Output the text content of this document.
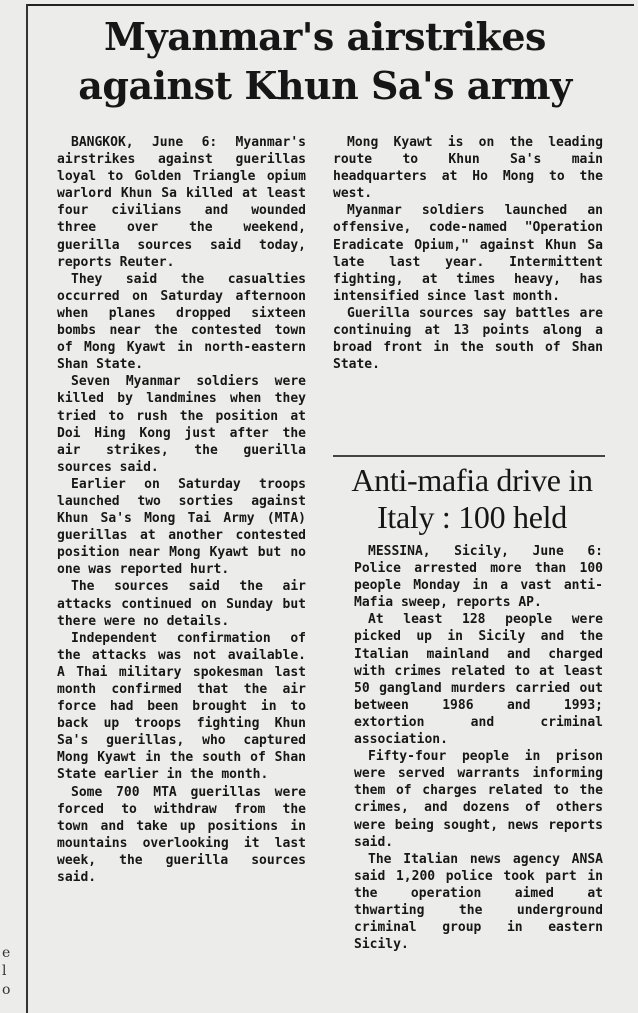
e
l
o
Myanmar's airstrikes against Khun Sa's army

BANGKOK, June 6: Myanmar's airstrikes against guerillas loyal to Golden Triangle opium warlord Khun Sa killed at least four civilians and wounded three over the weekend, guerilla sources said today, reports Reuter.

They said the casualties occurred on Saturday afternoon when planes dropped sixteen bombs near the contested town of Mong Kyawt in north-eastern Shan State.

Seven Myanmar soldiers were killed by landmines when they tried to rush the position at Doi Hing Kong just after the air strikes, the guerilla sources said.

Earlier on Saturday troops launched two sorties against Khun Sa's Mong Tai Army (MTA) guerillas at another contested position near Mong Kyawt but no one was reported hurt.

The sources said the air attacks continued on Sunday but there were no details.

Independent confirmation of the attacks was not available. A Thai military spokesman last month confirmed that the air force had been brought in to back up troops fighting Khun Sa's guerillas, who captured Mong Kyawt in the south of Shan State earlier in the month.

Some 700 MTA guerillas were forced to withdraw from the town and take up positions in mountains overlooking it last week, the guerilla sources said.

Mong Kyawt is on the leading route to Khun Sa's main headquarters at Ho Mong to the west.

Myanmar soldiers launched an offensive, code-named "Operation Eradicate Opium," against Khun Sa late last year. Intermittent fighting, at times heavy, has intensified since last month.

Guerilla sources say battles are continuing at 13 points along a broad front in the south of Shan State.

Anti-mafia drive in Italy : 100 held

MESSINA, Sicily, June 6: Police arrested more than 100 people Monday in a vast anti-Mafia sweep, reports AP.

At least 128 people were picked up in Sicily and the Italian mainland and charged with crimes related to at least 50 gangland murders carried out between 1986 and 1993; extortion and criminal association.

Fifty-four people in prison were served warrants informing them of charges related to the crimes, and dozens of others were being sought, news reports said.

The Italian news agency ANSA said 1,200 police took part in the operation aimed at thwarting the underground criminal group in eastern Sicily.
